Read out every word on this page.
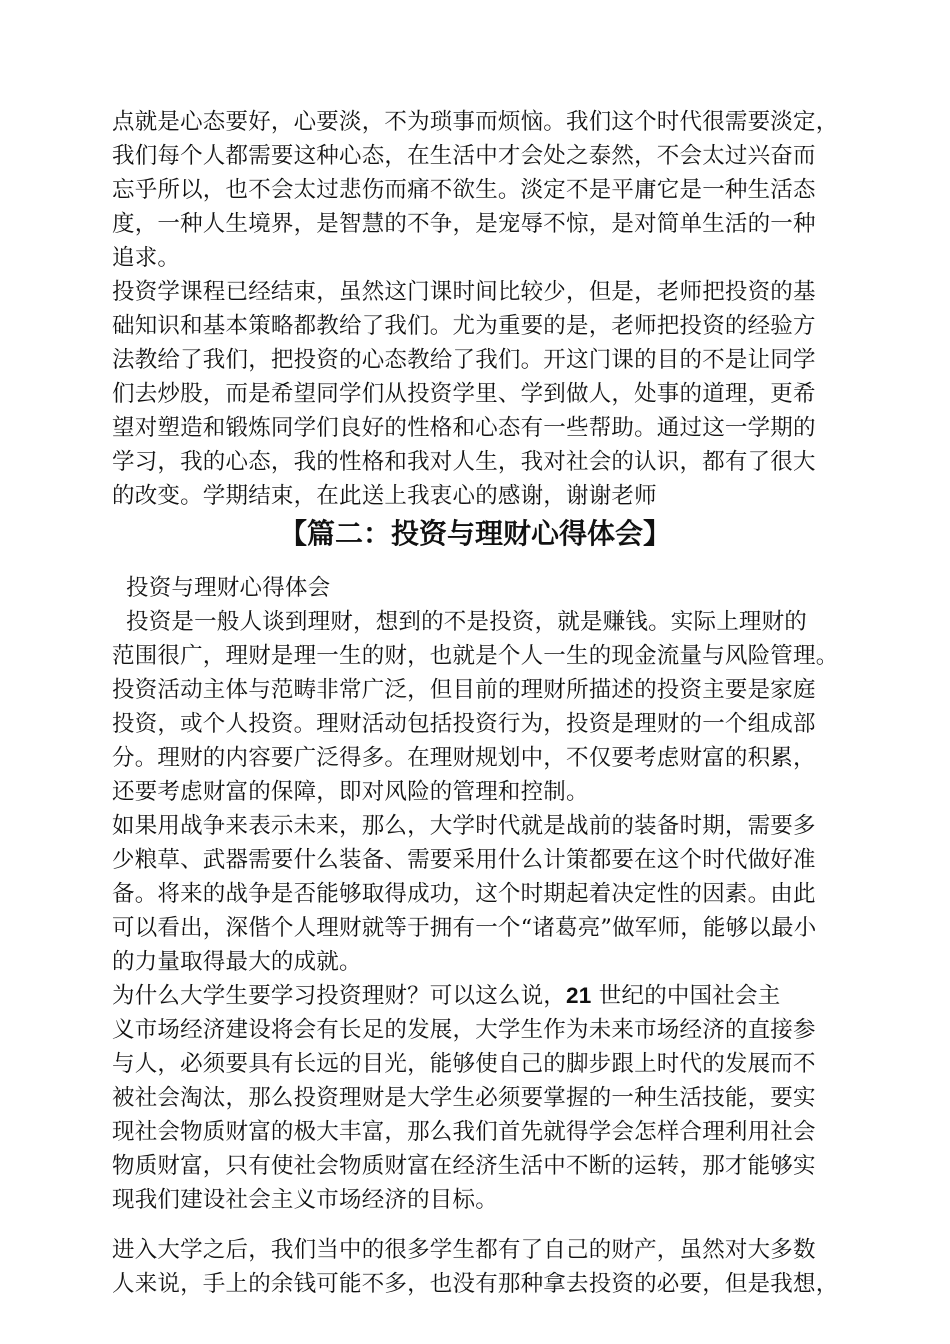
点就是心态要好，心要淡，不为琐事而烦恼。我们这个时代很需要淡定，
我们每个人都需要这种心态，在生活中才会处之泰然，不会太过兴奋而
忘乎所以，也不会太过悲伤而痛不欲生。淡定不是平庸它是一种生活态
度，一种人生境界，是智慧的不争，是宠辱不惊，是对简单生活的一种
追求。
投资学课程已经结束，虽然这门课时间比较少，但是，老师把投资的基
础知识和基本策略都教给了我们。尤为重要的是，老师把投资的经验方
法教给了我们，把投资的心态教给了我们。开这门课的目的不是让同学
们去炒股，而是希望同学们从投资学里、学到做人，处事的道理，更希
望对塑造和锻炼同学们良好的性格和心态有一些帮助。通过这一学期的
学习，我的心态，我的性格和我对人生，我对社会的认识，都有了很大
的改变。学期结束，在此送上我衷心的感谢，谢谢老师
【篇二：投资与理财心得体会】
投资与理财心得体会
投资是一般人谈到理财，想到的不是投资，就是赚钱。实际上理财的
范围很广，理财是理一生的财，也就是个人一生的现金流量与风险管理。
投资活动主体与范畴非常广泛，但目前的理财所描述的投资主要是家庭
投资，或个人投资。理财活动包括投资行为，投资是理财的一个组成部
分。理财的内容要广泛得多。在理财规划中，不仅要考虑财富的积累，
还要考虑财富的保障，即对风险的管理和控制。
如果用战争来表示未来，那么，大学时代就是战前的装备时期，需要多
少粮草、武器需要什么装备、需要采用什么计策都要在这个时代做好准
备。将来的战争是否能够取得成功，这个时期起着决定性的因素。由此
可以看出，深偕个人理财就等于拥有一个“诸葛亮”做军师，能够以最小
的力量取得最大的成就。
为什么大学生要学习投资理财？可以这么说，21 世纪的中国社会主
义市场经济建设将会有长足的发展，大学生作为未来市场经济的直接参
与人，必须要具有长远的目光，能够使自己的脚步跟上时代的发展而不
被社会淘汰，那么投资理财是大学生必须要掌握的一种生活技能，要实
现社会物质财富的极大丰富，那么我们首先就得学会怎样合理利用社会
物质财富，只有使社会物质财富在经济生活中不断的运转，那才能够实
现我们建设社会主义市场经济的目标。
进入大学之后，我们当中的很多学生都有了自己的财产，虽然对大多数
人来说，手上的余钱可能不多，也没有那种拿去投资的必要，但是我想，
